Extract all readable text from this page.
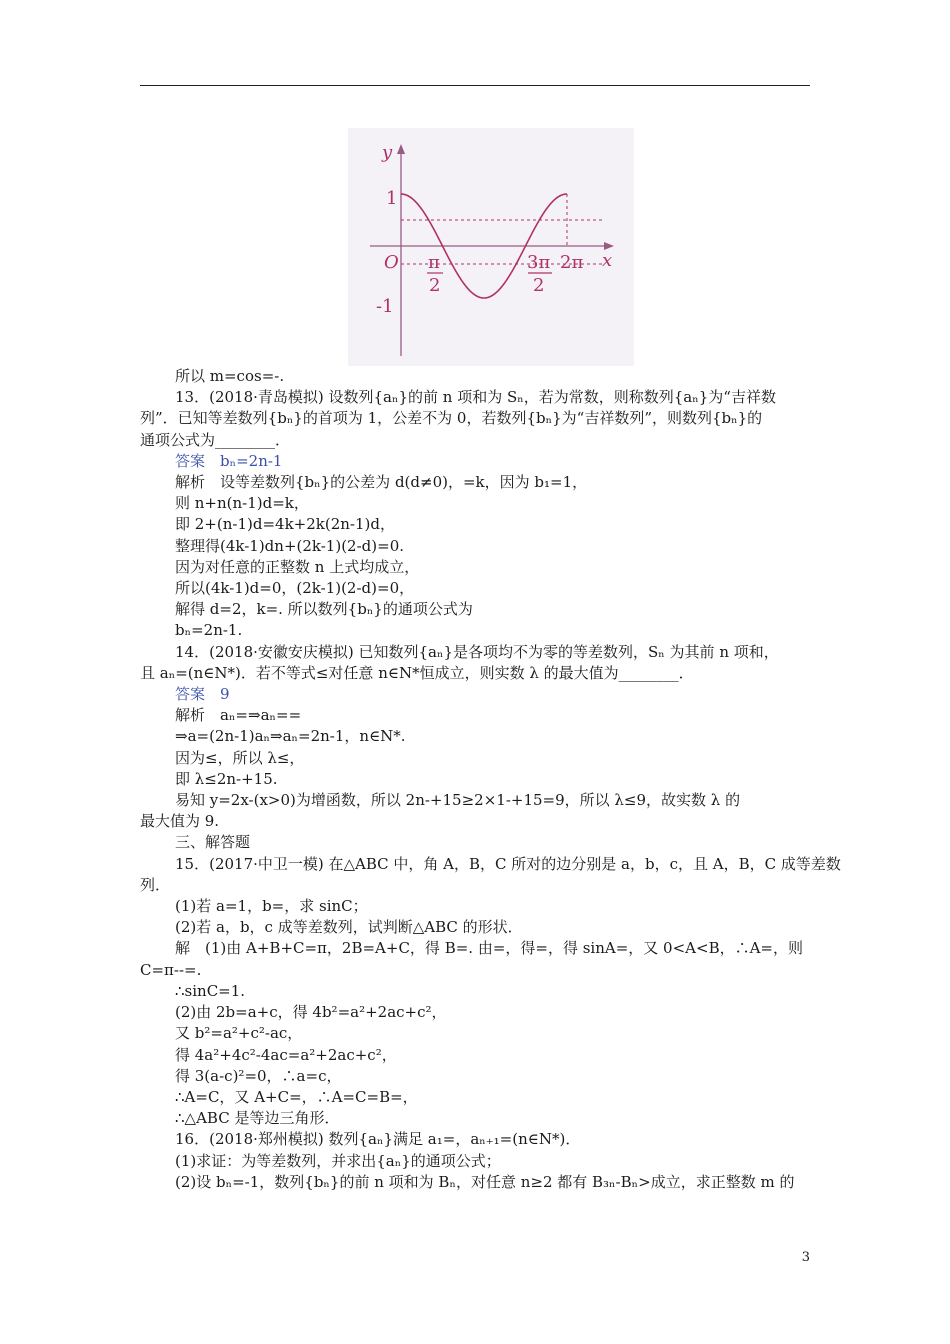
y
1
O
-1
π
2
3π
2
2π x
所以 m=cos=-.
13．(2018·青岛模拟) 设数列{aₙ}的前 n 项和为 Sₙ，若为常数，则称数列{aₙ}为“吉祥数
列”．已知等差数列{bₙ}的首项为 1，公差不为 0，若数列{bₙ}为“吉祥数列”，则数列{bₙ}的
通项公式为________．
答案　bₙ=2n-1
解析　设等差数列{bₙ}的公差为 d(d≠0)，=k，因为 b₁=1，
则 n+n(n-1)d=k，
即 2+(n-1)d=4k+2k(2n-1)d，
整理得(4k-1)dn+(2k-1)(2-d)=0.
因为对任意的正整数 n 上式均成立，
所以(4k-1)d=0，(2k-1)(2-d)=0，
解得 d=2，k=. 所以数列{bₙ}的通项公式为
bₙ=2n-1.
14．(2018·安徽安庆模拟) 已知数列{aₙ}是各项均不为零的等差数列，Sₙ 为其前 n 项和，
且 aₙ=(n∈N*)．若不等式≤对任意 n∈N*恒成立，则实数 λ 的最大值为________．
答案　9
解析　aₙ=⇒aₙ==
⇒a=(2n-1)aₙ⇒aₙ=2n-1，n∈N*.
因为≤，所以 λ≤，
即 λ≤2n-+15.
易知 y=2x-(x>0)为增函数，所以 2n-+15≥2×1-+15=9，所以 λ≤9，故实数 λ 的
最大值为 9.
三、解答题
15．(2017·中卫一模) 在△ABC 中，角 A，B，C 所对的边分别是 a，b，c，且 A，B，C 成等差数
列．
(1)若 a=1，b=，求 sinC；
(2)若 a，b，c 成等差数列，试判断△ABC 的形状．
解　(1)由 A+B+C=π，2B=A+C，得 B=. 由=，得=，得 sinA=，又 0<A<B，∴A=，则
C=π--=.
∴sinC=1.
(2)由 2b=a+c，得 4b²=a²+2ac+c²，
又 b²=a²+c²-ac，
得 4a²+4c²-4ac=a²+2ac+c²，
得 3(a-c)²=0，∴a=c，
∴A=C，又 A+C=，∴A=C=B=，
∴△ABC 是等边三角形．
16．(2018·郑州模拟) 数列{aₙ}满足 a₁=，aₙ₊₁=(n∈N*)．
(1)求证：为等差数列，并求出{aₙ}的通项公式；
(2)设 bₙ=-1，数列{bₙ}的前 n 项和为 Bₙ，对任意 n≥2 都有 B₃ₙ-Bₙ>成立，求正整数 m 的
3
